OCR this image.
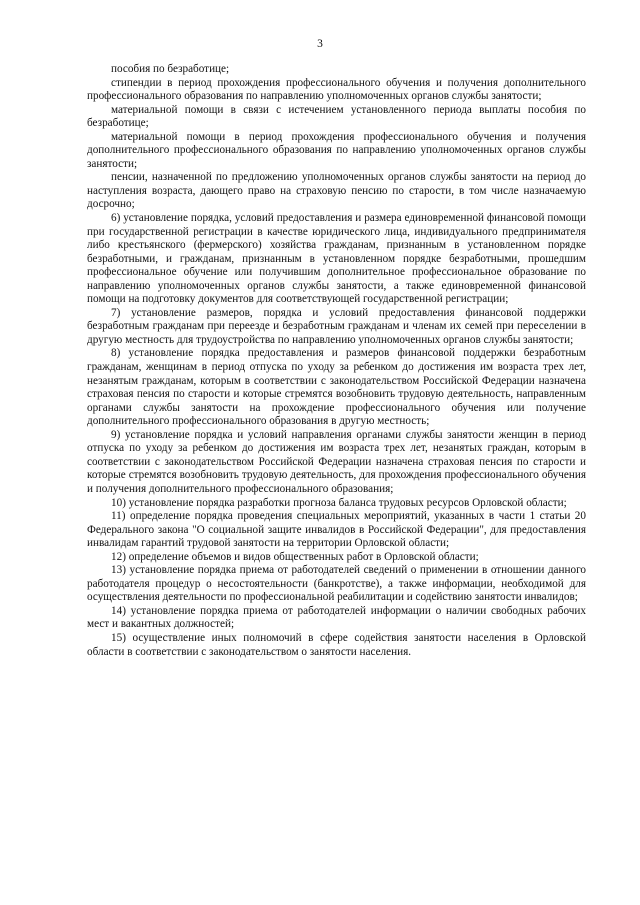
3

пособия по безработице;

стипендии в период прохождения профессионального обучения и получения дополнительного профессионального образования по направлению уполномоченных органов службы занятости;

материальной помощи в связи с истечением установленного периода выплаты пособия по безработице;

материальной помощи в период прохождения профессионального обучения и получения дополнительного профессионального образования по направлению уполномоченных органов службы занятости;

пенсии, назначенной по предложению уполномоченных органов службы занятости на период до наступления возраста, дающего право на страховую пенсию по старости, в том числе назначаемую досрочно;

6) установление порядка, условий предоставления и размера единовременной финансовой помощи при государственной регистрации в качестве юридического лица, индивидуального предпринимателя либо крестьянского (фермерского) хозяйства гражданам, признанным в установленном порядке безработными, и гражданам, признанным в установленном порядке безработными, прошедшим профессиональное обучение или получившим дополнительное профессиональное образование по направлению уполномоченных органов службы занятости, а также единовременной финансовой помощи на подготовку документов для соответствующей государственной регистрации;

7) установление размеров, порядка и условий предоставления финансовой поддержки безработным гражданам при переезде и безработным гражданам и членам их семей при переселении в другую местность для трудоустройства по направлению уполномоченных органов службы занятости;

8) установление порядка предоставления и размеров финансовой поддержки безработным гражданам, женщинам в период отпуска по уходу за ребенком до достижения им возраста трех лет, незанятым гражданам, которым в соответствии с законодательством Российской Федерации назначена страховая пенсия по старости и которые стремятся возобновить трудовую деятельность, направленным органами службы занятости на прохождение профессионального обучения или получение дополнительного профессионального образования в другую местность;

9) установление порядка и условий направления органами службы занятости женщин в период отпуска по уходу за ребенком до достижения им возраста трех лет, незанятых граждан, которым в соответствии с законодательством Российской Федерации назначена страховая пенсия по старости и которые стремятся возобновить трудовую деятельность, для прохождения профессионального обучения и получения дополнительного профессионального образования;

10) установление порядка разработки прогноза баланса трудовых ресурсов Орловской области;

11) определение порядка проведения специальных мероприятий, указанных в части 1 статьи 20 Федерального закона "О социальной защите инвалидов в Российской Федерации", для предоставления инвалидам гарантий трудовой занятости на территории Орловской области;

12) определение объемов и видов общественных работ в Орловской области;

13) установление порядка приема от работодателей сведений о применении в отношении данного работодателя процедур о несостоятельности (банкротстве), а также информации, необходимой для осуществления деятельности по профессиональной реабилитации и содействию занятости инвалидов;

14) установление порядка приема от работодателей информации о наличии свободных рабочих мест и вакантных должностей;

15) осуществление иных полномочий в сфере содействия занятости населения в Орловской области в соответствии с законодательством о занятости населения.
